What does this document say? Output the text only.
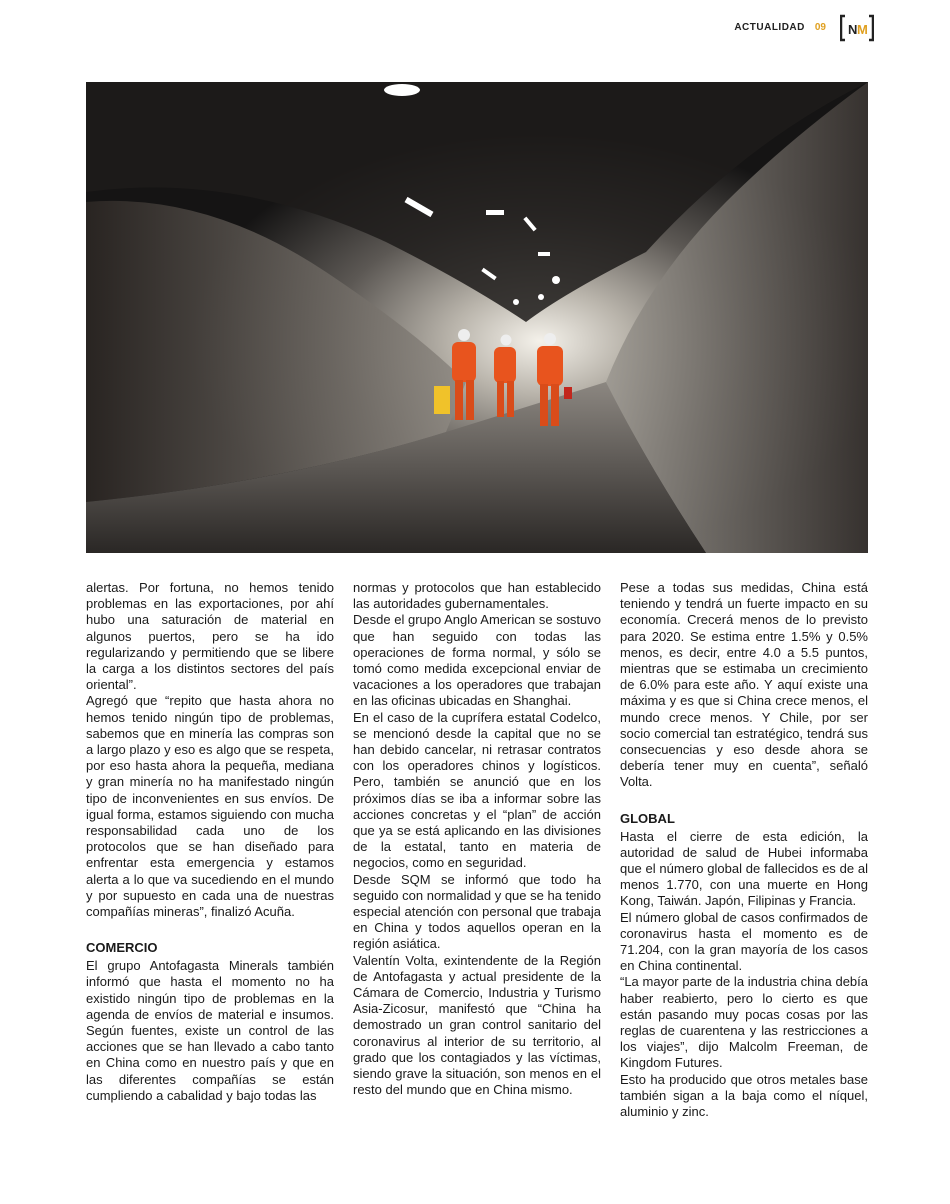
ACTUALIDAD 09 N M

alertas. Por fortuna, no hemos tenido problemas en las exportaciones, por ahí hubo una saturación de material en algunos puertos, pero se ha ido regularizando y permitiendo que se libere la carga a los distintos sectores del país oriental”.

Agregó que “repito que hasta ahora no hemos tenido ningún tipo de problemas, sabemos que en minería las compras son a largo plazo y eso es algo que se respeta, por eso hasta ahora la pequeña, mediana y gran minería no ha manifestado ningún tipo de inconvenientes en sus envíos. De igual forma, estamos siguiendo con mucha responsabilidad cada uno de los protocolos que se han diseñado para enfrentar esta emergencia y estamos alerta a lo que va sucediendo en el mundo y por supuesto en cada una de nuestras compañías mineras”, finalizó Acuña.

COMERCIO

El grupo Antofagasta Minerals también informó que hasta el momento no ha existido ningún tipo de problemas en la agenda de envíos de material e insumos. Según fuentes, existe un control de las acciones que se han llevado a cabo tanto en China como en nuestro país y que en las diferentes compañías se están cumpliendo a cabalidad y bajo todas las

normas y protocolos que han establecido las autoridades gubernamentales.

Desde el grupo Anglo American se sostuvo que han seguido con todas las operaciones de forma normal, y sólo se tomó como medida excepcional enviar de vacaciones a los operadores que trabajan en las oficinas ubicadas en Shanghai.

En el caso de la cuprífera estatal Codelco, se mencionó desde la capital que no se han debido cancelar, ni retrasar contratos con los operadores chinos y logísticos. Pero, también se anunció que en los próximos días se iba a informar sobre las acciones concretas y el “plan” de acción que ya se está aplicando en las divisiones de la estatal, tanto en materia de negocios, como en seguridad.

Desde SQM se informó que todo ha seguido con normalidad y que se ha tenido especial atención con personal que trabaja en China y todos aquellos operan en la región asiática.

Valentín Volta, exintendente de la Región de Antofagasta y actual presidente de la Cámara de Comercio, Industria y Turismo Asia-Zicosur, manifestó que “China ha demostrado un gran control sanitario del coronavirus al interior de su territorio, al grado que los contagiados y las víctimas, siendo grave la situación, son menos en el resto del mundo que en China mismo.

Pese a todas sus medidas, China está teniendo y tendrá un fuerte impacto en su economía. Crecerá menos de lo previsto para 2020. Se estima entre 1.5% y 0.5% menos, es decir, entre 4.0 a 5.5 puntos, mientras que se estimaba un crecimiento de 6.0% para este año. Y aquí existe una máxima y es que si China crece menos, el mundo crece menos. Y Chile, por ser socio comercial tan estratégico, tendrá sus consecuencias y eso desde ahora se debería tener muy en cuenta”, señaló Volta.

GLOBAL

Hasta el cierre de esta edición, la autoridad de salud de Hubei informaba que el número global de fallecidos es de al menos 1.770, con una muerte en Hong Kong, Taiwán. Japón, Filipinas y Francia.

El número global de casos confirmados de coronavirus hasta el momento es de 71.204, con la gran mayoría de los casos en China continental.

“La mayor parte de la industria china debía haber reabierto, pero lo cierto es que están pasando muy pocas cosas por las reglas de cuarentena y las restricciones a los viajes”, dijo Malcolm Freeman, de Kingdom Futures.

Esto ha producido que otros metales base también sigan a la baja como el níquel, aluminio y zinc.
